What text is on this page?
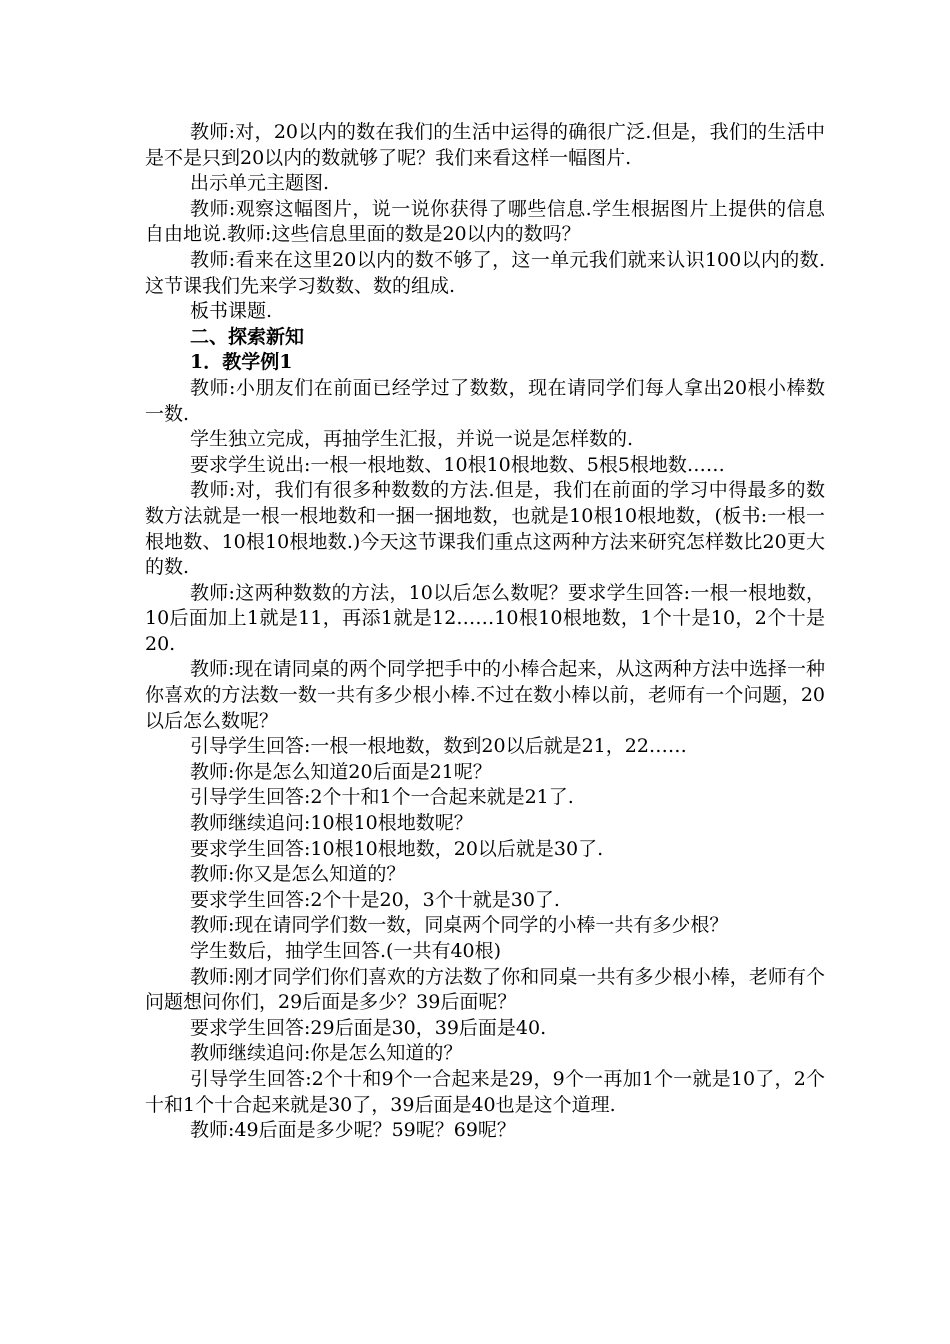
教师:对，20以内的数在我们的生活中运得的确很广泛.但是，我们的生活中是不是只到20以内的数就够了呢？我们来看这样一幅图片.

出示单元主题图.

教师:观察这幅图片，说一说你获得了哪些信息.学生根据图片上提供的信息自由地说.教师:这些信息里面的数是20以内的数吗？

教师:看来在这里20以内的数不够了，这一单元我们就来认识100以内的数.这节课我们先来学习数数、数的组成.

板书课题.

二、探索新知

1．教学例1

教师:小朋友们在前面已经学过了数数，现在请同学们每人拿出20根小棒数一数.

学生独立完成，再抽学生汇报，并说一说是怎样数的.

要求学生说出:一根一根地数、10根10根地数、5根5根地数……

教师:对，我们有很多种数数的方法.但是，我们在前面的学习中得最多的数数方法就是一根一根地数和一捆一捆地数，也就是10根10根地数，(板书:一根一根地数、10根10根地数.)今天这节课我们重点这两种方法来研究怎样数比20更大的数.

教师:这两种数数的方法，10以后怎么数呢？要求学生回答:一根一根地数，10后面加上1就是11，再添1就是12……10根10根地数，1个十是10，2个十是20.

教师:现在请同桌的两个同学把手中的小棒合起来，从这两种方法中选择一种你喜欢的方法数一数一共有多少根小棒.不过在数小棒以前，老师有一个问题，20以后怎么数呢？

引导学生回答:一根一根地数，数到20以后就是21，22……

教师:你是怎么知道20后面是21呢？

引导学生回答:2个十和1个一合起来就是21了.

教师继续追问:10根10根地数呢？

要求学生回答:10根10根地数，20以后就是30了.

教师:你又是怎么知道的？

要求学生回答:2个十是20，3个十就是30了.

教师:现在请同学们数一数，同桌两个同学的小棒一共有多少根？

学生数后，抽学生回答.(一共有40根)

教师:刚才同学们你们喜欢的方法数了你和同桌一共有多少根小棒，老师有个问题想问你们，29后面是多少？39后面呢？

要求学生回答:29后面是30，39后面是40.

教师继续追问:你是怎么知道的？

引导学生回答:2个十和9个一合起来是29，9个一再加1个一就是10了，2个十和1个十合起来就是30了，39后面是40也是这个道理.

教师:49后面是多少呢？59呢？69呢？
